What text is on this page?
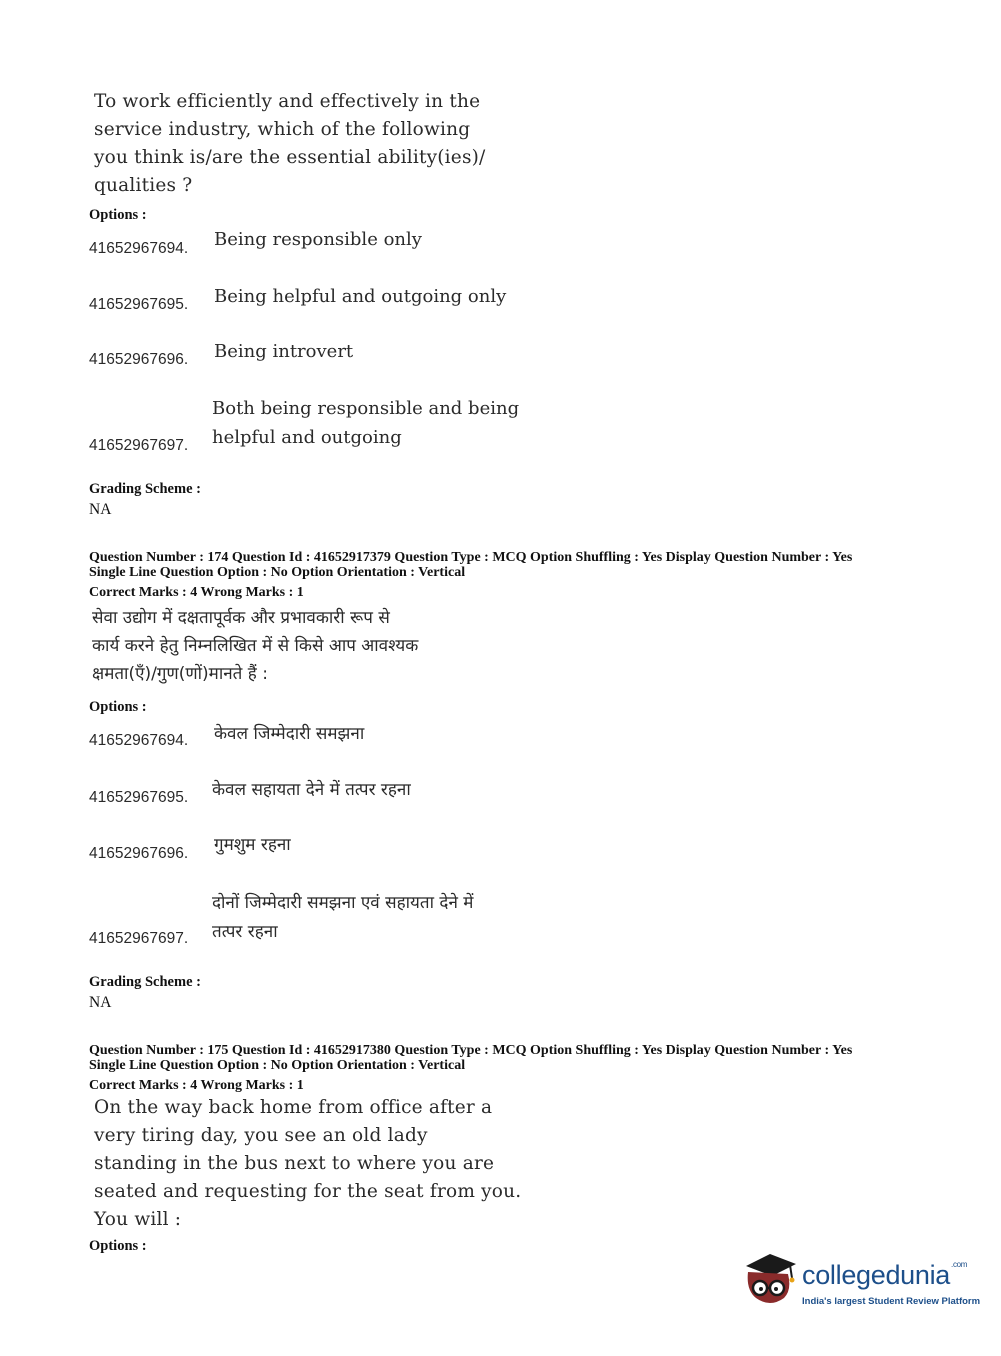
To work efficiently and effectively in the
service industry, which of the following
you think is/are the essential ability(ies)/
qualities ?
Options :
41652967694. Being responsible only
41652967695. Being helpful and outgoing only
41652967696. Being introvert
41652967697.
Both being responsible and being
helpful and outgoing
Grading Scheme :
NA
Question Number : 174 Question Id : 41652917379 Question Type : MCQ Option Shuffling : Yes Display Question Number : Yes
Single Line Question Option : No Option Orientation : Vertical
Correct Marks : 4 Wrong Marks : 1
सेवा उद्योग में दक्षतापूर्वक और प्रभावकारी रूप से
कार्य करने हेतु निम्नलिखित में से किसे आप आवश्यक
क्षमता(एँ)/गुण(णों)मानते हैं :
Options :
41652967694. केवल जिम्मेदारी समझना
41652967695. केवल सहायता देने में तत्पर रहना
41652967696. गुमशुम रहना
41652967697.
दोनों जिम्मेदारी समझना एवं सहायता देने में
तत्पर रहना
Grading Scheme :
NA
Question Number : 175 Question Id : 41652917380 Question Type : MCQ Option Shuffling : Yes Display Question Number : Yes
Single Line Question Option : No Option Orientation : Vertical
Correct Marks : 4 Wrong Marks : 1
On the way back home from office after a
very tiring day, you see an old lady
standing in the bus next to where you are
seated and requesting for the seat from you.
You will :
Options :
collegedunia$^{.com}$
India's largest Student Review Platform
